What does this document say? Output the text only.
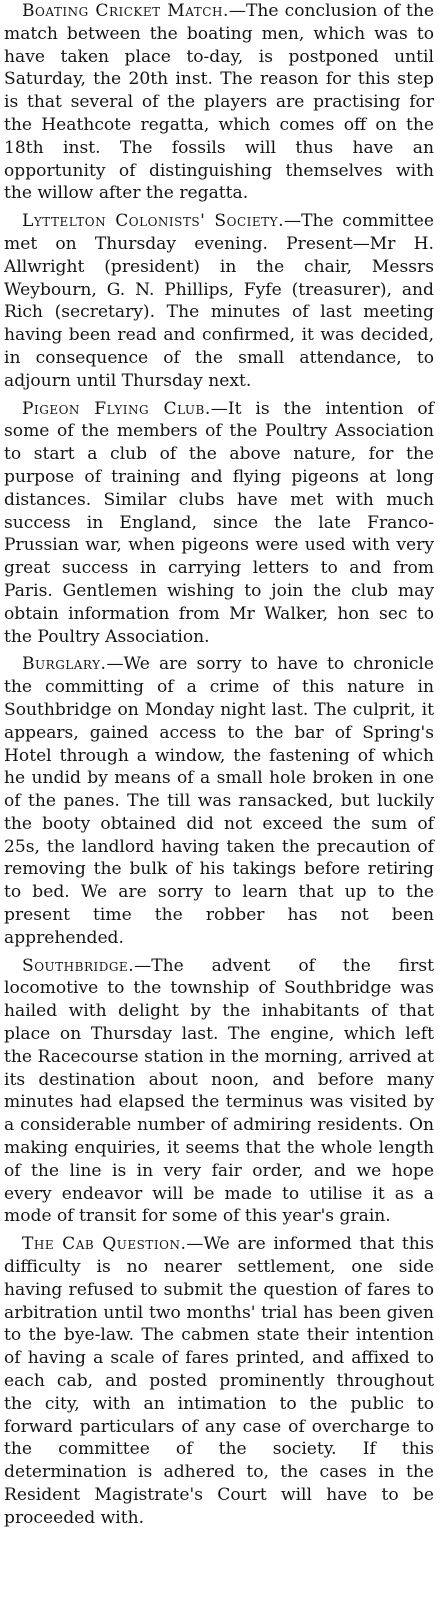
Boating Cricket Match.—The conclusion of the match between the boating men, which was to have taken place to-day, is postponed until Saturday, the 20th inst. The reason for this step is that several of the players are practising for the Heathcote regatta, which comes off on the 18th inst. The fossils will thus have an opportunity of distinguishing themselves with the willow after the regatta.

Lyttelton Colonists' Society.—The committee met on Thursday evening. Present—Mr H. Allwright (president) in the chair, Messrs Weybourn, G. N. Phillips, Fyfe (treasurer), and Rich (secretary). The minutes of last meeting having been read and confirmed, it was decided, in consequence of the small attendance, to adjourn until Thursday next.

Pigeon Flying Club.—It is the intention of some of the members of the Poultry Association to start a club of the above nature, for the purpose of training and flying pigeons at long distances. Similar clubs have met with much success in England, since the late Franco-Prussian war, when pigeons were used with very great success in carrying letters to and from Paris. Gentlemen wishing to join the club may obtain information from Mr Walker, hon sec to the Poultry Association.

Burglary.—We are sorry to have to chronicle the committing of a crime of this nature in Southbridge on Monday night last. The culprit, it appears, gained access to the bar of Spring's Hotel through a window, the fastening of which he undid by means of a small hole broken in one of the panes. The till was ransacked, but luckily the booty obtained did not exceed the sum of 25s, the landlord having taken the precaution of removing the bulk of his takings before retiring to bed. We are sorry to learn that up to the present time the robber has not been apprehended.

Southbridge.—The advent of the first locomotive to the township of Southbridge was hailed with delight by the inhabitants of that place on Thursday last. The engine, which left the Racecourse station in the morning, arrived at its destination about noon, and before many minutes had elapsed the terminus was visited by a considerable number of admiring residents. On making enquiries, it seems that the whole length of the line is in very fair order, and we hope every endeavor will be made to utilise it as a mode of transit for some of this year's grain.

The Cab Question.—We are informed that this difficulty is no nearer settlement, one side having refused to submit the question of fares to arbitration until two months' trial has been given to the bye-law. The cabmen state their intention of having a scale of fares printed, and affixed to each cab, and posted prominently throughout the city, with an intimation to the public to forward particulars of any case of overcharge to the committee of the society. If this determination is adhered to, the cases in the Resident Magistrate's Court will have to be proceeded with.
